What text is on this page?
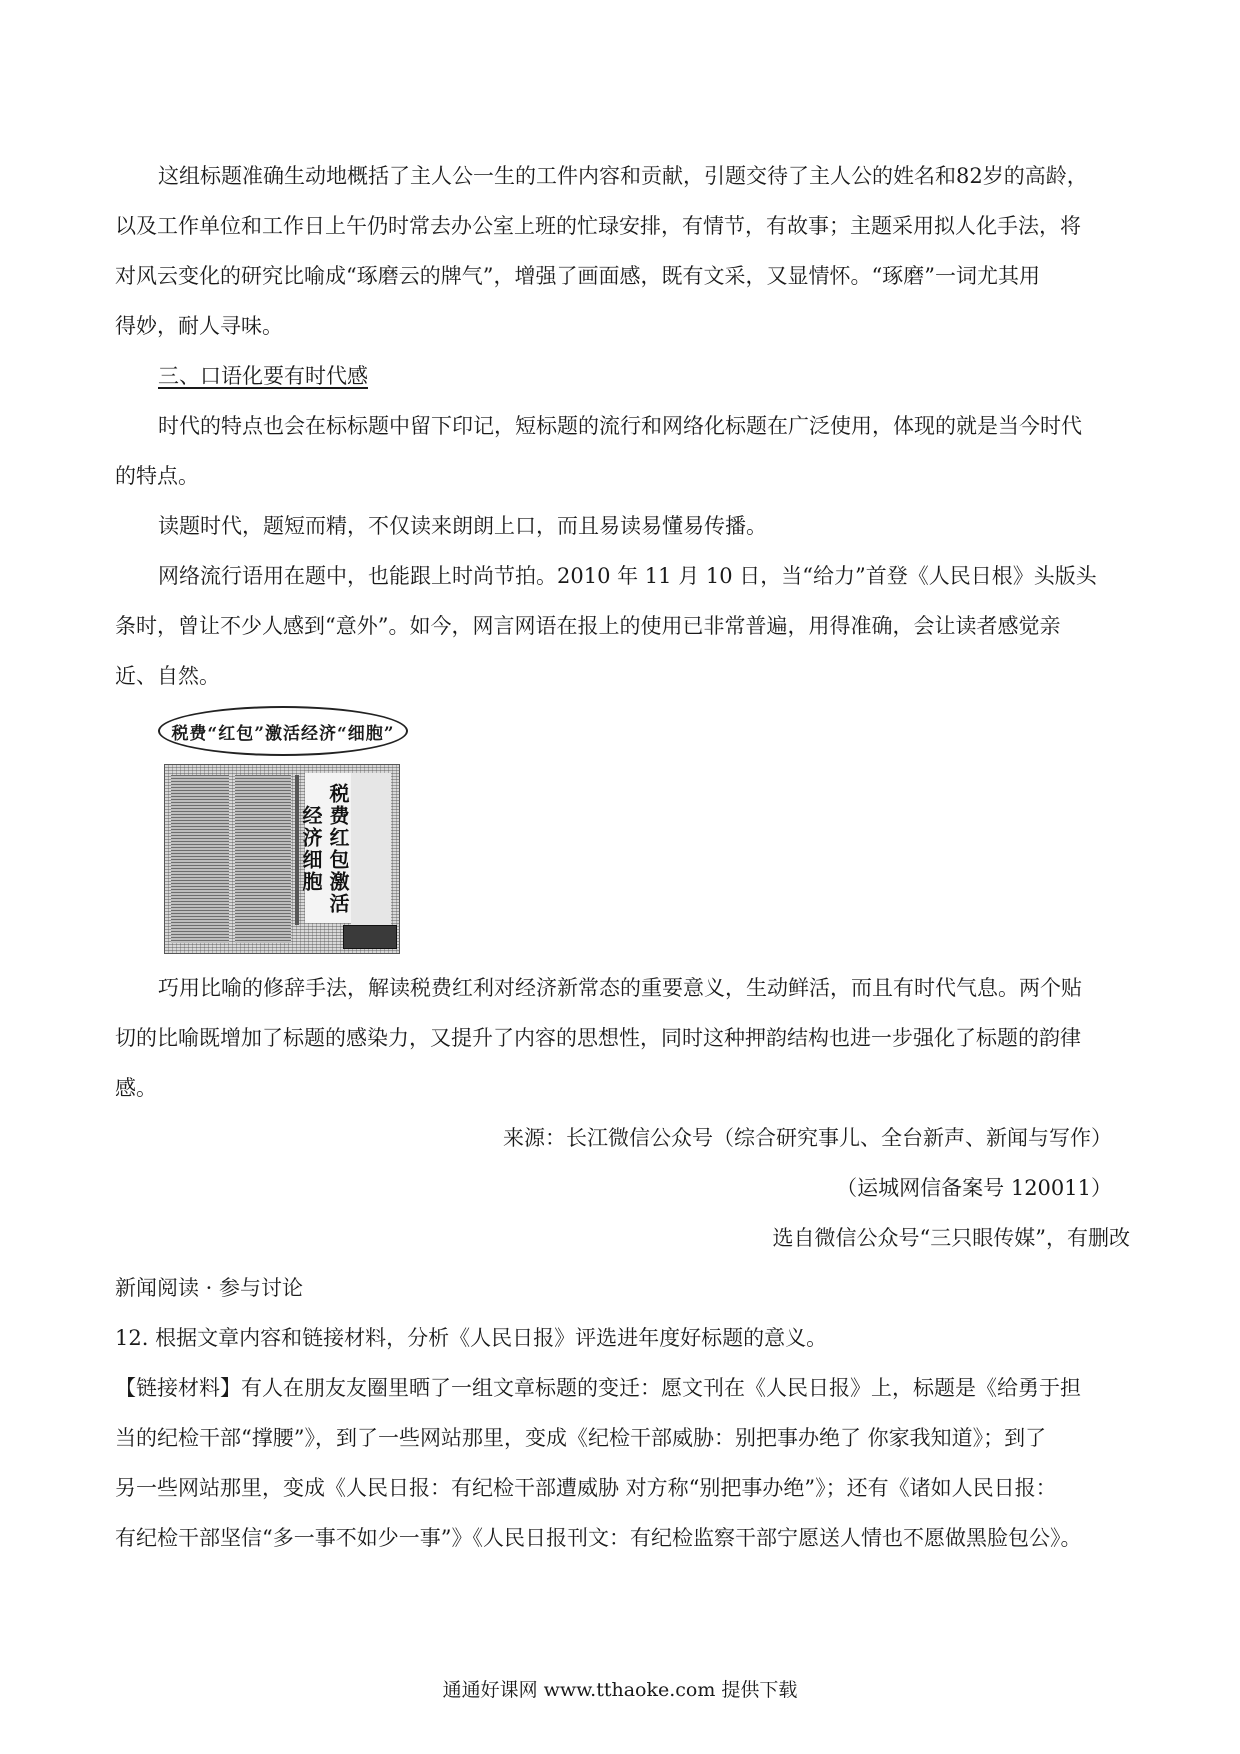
这组标题准确生动地概括了主人公一生的工件内容和贡献，引题交待了主人公的姓名和82岁的高龄，
以及工作单位和工作日上午仍时常去办公室上班的忙琭安排，有情节，有故事；主题采用拟人化手法，将
对风云变化的研究比喻成“琢磨云的牌气”，增强了画面感，既有文采，又显情怀。“琢磨”一词尤其用
得妙，耐人寻味。
三、口语化要有时代感
时代的特点也会在标标题中留下印记，短标题的流行和网络化标题在广泛使用，体现的就是当今时代
的特点。
读题时代，题短而精，不仅读来朗朗上口，而且易读易懂易传播。
网络流行语用在题中，也能跟上时尚节拍。2010 年 11 月 10 日，当“给力”首登《人民日根》头版头
条时，曾让不少人感到“意外”。如今，网言网语在报上的使用已非常普遍，用得准确，会让读者感觉亲
近、自然。
税费“红包”激活经济“细胞”
税费红包激活经济细胞
巧用比喻的修辞手法，解读税费红利对经济新常态的重要意义，生动鲜活，而且有时代气息。两个贴
切的比喻既增加了标题的感染力，又提升了内容的思想性，同时这种押韵结构也进一步强化了标题的韵律
感。
来源：长江微信公众号（综合研究事儿、全台新声、新闻与写作）
（运城网信备案号 120011）
选自微信公众号“三只眼传媒”，有删改
新闻阅读 · 参与讨论
12. 根据文章内容和链接材料，分析《人民日报》评选进年度好标题的意义。
【链接材料】有人在朋友友圈里晒了一组文章标题的变迁：愿文刊在《人民日报》上，标题是《给勇于担
当的纪检干部“撑腰”》，到了一些网站那里，变成《纪检干部威胁：别把事办绝了 你家我知道》；到了
另一些网站那里，变成《人民日报：有纪检干部遭威胁 对方称“别把事办绝”》；还有《诸如人民日报：
有纪检干部坚信“多一事不如少一事”》《人民日报刊文：有纪检监察干部宁愿送人情也不愿做黑脸包公》。
通通好课网 www.tthaoke.com 提供下载
